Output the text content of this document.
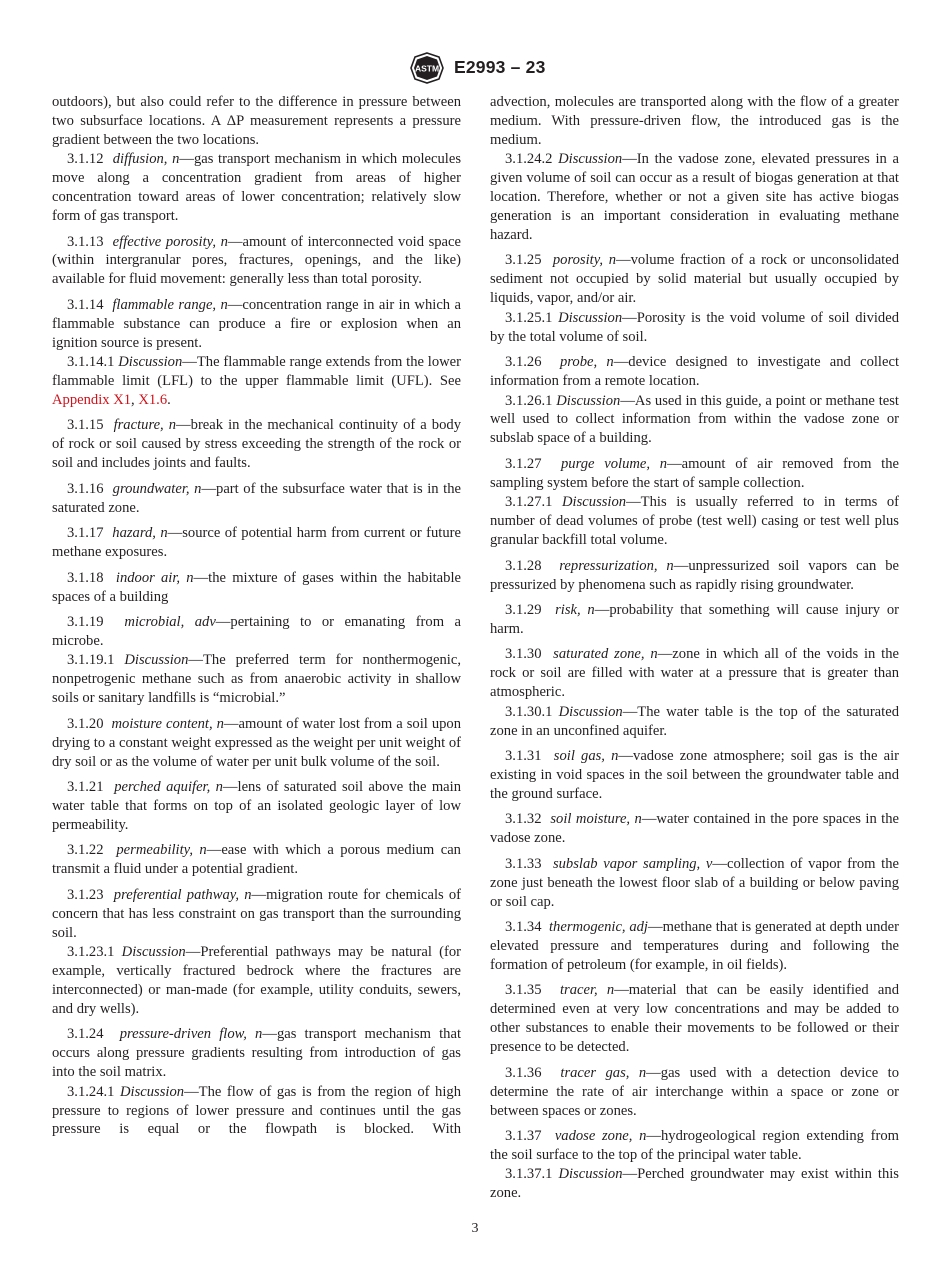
ASTM E2993 – 23

outdoors), but also could refer to the difference in pressure between two subsurface locations. A ΔP measurement represents a pressure gradient between the two locations.

3.1.12 diffusion, n—gas transport mechanism in which molecules move along a concentration gradient from areas of higher concentration toward areas of lower concentration; relatively slow form of gas transport.

3.1.13 effective porosity, n—amount of interconnected void space (within intergranular pores, fractures, openings, and the like) available for fluid movement: generally less than total porosity.

3.1.14 flammable range, n—concentration range in air in which a flammable substance can produce a fire or explosion when an ignition source is present.

3.1.14.1 Discussion—The flammable range extends from the lower flammable limit (LFL) to the upper flammable limit (UFL). See Appendix X1, X1.6.

3.1.15 fracture, n—break in the mechanical continuity of a body of rock or soil caused by stress exceeding the strength of the rock or soil and includes joints and faults.

3.1.16 groundwater, n—part of the subsurface water that is in the saturated zone.

3.1.17 hazard, n—source of potential harm from current or future methane exposures.

3.1.18 indoor air, n—the mixture of gases within the habitable spaces of a building

3.1.19 microbial, adv—pertaining to or emanating from a microbe.

3.1.19.1 Discussion—The preferred term for nonthermogenic, nonpetrogenic methane such as from anaerobic activity in shallow soils or sanitary landfills is “microbial.”

3.1.20 moisture content, n—amount of water lost from a soil upon drying to a constant weight expressed as the weight per unit weight of dry soil or as the volume of water per unit bulk volume of the soil.

3.1.21 perched aquifer, n—lens of saturated soil above the main water table that forms on top of an isolated geologic layer of low permeability.

3.1.22 permeability, n—ease with which a porous medium can transmit a fluid under a potential gradient.

3.1.23 preferential pathway, n—migration route for chemicals of concern that has less constraint on gas transport than the surrounding soil.

3.1.23.1 Discussion—Preferential pathways may be natural (for example, vertically fractured bedrock where the fractures are interconnected) or man-made (for example, utility conduits, sewers, and dry wells).

3.1.24 pressure-driven flow, n—gas transport mechanism that occurs along pressure gradients resulting from introduction of gas into the soil matrix.

3.1.24.1 Discussion—The flow of gas is from the region of high pressure to regions of lower pressure and continues until the gas pressure is equal or the flowpath is blocked. With

advection, molecules are transported along with the flow of a greater medium. With pressure-driven flow, the introduced gas is the medium.

3.1.24.2 Discussion—In the vadose zone, elevated pressures in a given volume of soil can occur as a result of biogas generation at that location. Therefore, whether or not a given site has active biogas generation is an important consideration in evaluating methane hazard.

3.1.25 porosity, n—volume fraction of a rock or unconsolidated sediment not occupied by solid material but usually occupied by liquids, vapor, and/or air.

3.1.25.1 Discussion—Porosity is the void volume of soil divided by the total volume of soil.

3.1.26 probe, n—device designed to investigate and collect information from a remote location.

3.1.26.1 Discussion—As used in this guide, a point or methane test well used to collect information from within the vadose zone or subslab space of a building.

3.1.27 purge volume, n—amount of air removed from the sampling system before the start of sample collection.

3.1.27.1 Discussion—This is usually referred to in terms of number of dead volumes of probe (test well) casing or test well plus granular backfill total volume.

3.1.28 repressurization, n—unpressurized soil vapors can be pressurized by phenomena such as rapidly rising groundwater.

3.1.29 risk, n—probability that something will cause injury or harm.

3.1.30 saturated zone, n—zone in which all of the voids in the rock or soil are filled with water at a pressure that is greater than atmospheric.

3.1.30.1 Discussion—The water table is the top of the saturated zone in an unconfined aquifer.

3.1.31 soil gas, n—vadose zone atmosphere; soil gas is the air existing in void spaces in the soil between the groundwater table and the ground surface.

3.1.32 soil moisture, n—water contained in the pore spaces in the vadose zone.

3.1.33 subslab vapor sampling, v—collection of vapor from the zone just beneath the lowest floor slab of a building or below paving or soil cap.

3.1.34 thermogenic, adj—methane that is generated at depth under elevated pressure and temperatures during and following the formation of petroleum (for example, in oil fields).

3.1.35 tracer, n—material that can be easily identified and determined even at very low concentrations and may be added to other substances to enable their movements to be followed or their presence to be detected.

3.1.36 tracer gas, n—gas used with a detection device to determine the rate of air interchange within a space or zone or between spaces or zones.

3.1.37 vadose zone, n—hydrogeological region extending from the soil surface to the top of the principal water table.

3.1.37.1 Discussion—Perched groundwater may exist within this zone.

3
